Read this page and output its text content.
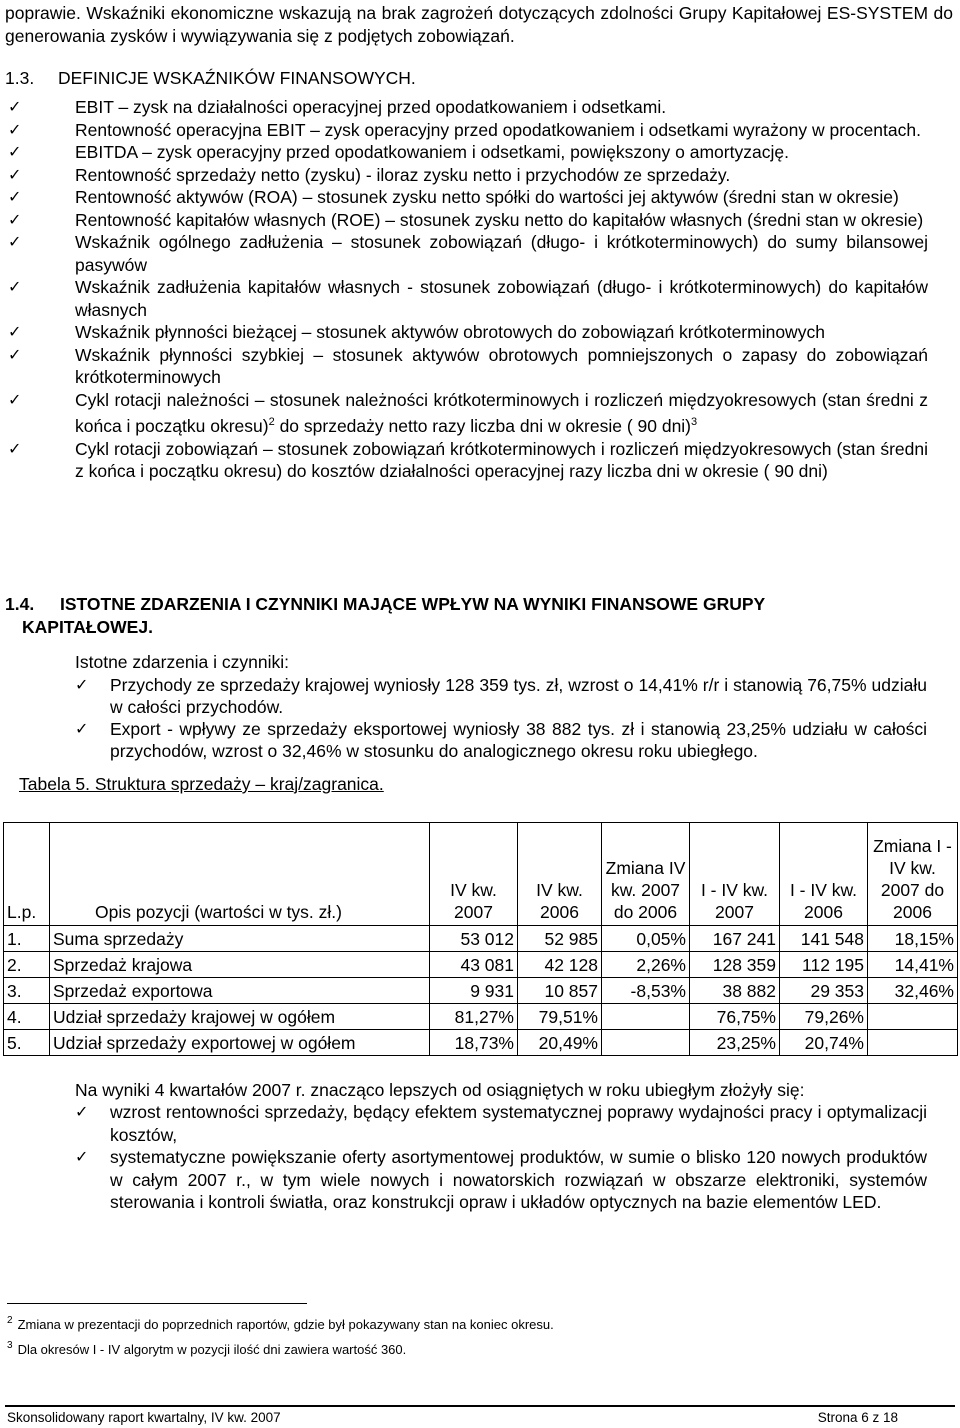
poprawie. Wskaźniki ekonomiczne wskazują na brak zagrożeń dotyczących zdolności Grupy Kapitałowej ES-SYSTEM do generowania zysków i wywiązywania się z podjętych zobowiązań.
1.3. DEFINICJE WSKAŹNIKÓW FINANSOWYCH.
✓	EBIT – zysk na działalności operacyjnej przed opodatkowaniem i odsetkami.
✓	Rentowność operacyjna EBIT – zysk operacyjny przed opodatkowaniem i odsetkami wyrażony w procentach.
✓	EBITDA – zysk operacyjny przed opodatkowaniem i odsetkami, powiększony o amortyzację.
✓	Rentowność sprzedaży netto (zysku) - iloraz zysku netto i przychodów ze sprzedaży.
✓	Rentowność aktywów (ROA) – stosunek zysku netto spółki do wartości jej aktywów (średni stan w okresie)
✓	Rentowność kapitałów własnych (ROE) – stosunek zysku netto do kapitałów własnych (średni stan w okresie)
✓	Wskaźnik ogólnego zadłużenia – stosunek zobowiązań (długo- i krótkoterminowych) do sumy bilansowej pasywów
✓	Wskaźnik zadłużenia kapitałów własnych - stosunek zobowiązań (długo- i krótkoterminowych) do kapitałów własnych
✓	Wskaźnik płynności bieżącej – stosunek aktywów obrotowych do zobowiązań krótkoterminowych
✓	Wskaźnik płynności szybkiej – stosunek aktywów obrotowych pomniejszonych o zapasy do zobowiązań krótkoterminowych
✓	Cykl rotacji należności – stosunek należności krótkoterminowych i rozliczeń międzyokresowych (stan średni z końca i początku okresu)$^2$ do sprzedaży netto razy liczba dni w okresie ( 90 dni)$^3$
✓	Cykl rotacji zobowiązań – stosunek zobowiązań krótkoterminowych i rozliczeń międzyokresowych (stan średni z końca i początku okresu) do kosztów działalności operacyjnej razy liczba dni w okresie ( 90 dni)
1.4. ISTOTNE ZDARZENIA I CZYNNIKI MAJĄCE WPŁYW NA WYNIKI FINANSOWE GRUPY
KAPITAŁOWEJ.
Istotne zdarzenia i czynniki:
✓ Przychody ze sprzedaży krajowej wyniosły 128 359 tys. zł, wzrost o 14,41% r/r i stanowią 76,75% udziału w całości przychodów.
✓ Export - wpływy ze sprzedaży eksportowej wyniosły 38 882 tys. zł i stanowią 23,25% udziału w całości przychodów, wzrost o 32,46% w stosunku do analogicznego okresu roku ubiegłego.
Tabela 5. Struktura sprzedaży – kraj/zagranica.
L.p.	Opis pozycji (wartości w tys. zł.)	IV kw. 2007	IV kw. 2006	Zmiana IV kw. 2007 do 2006	I - IV kw. 2007	I - IV kw. 2006	Zmiana I - IV kw. 2007 do 2006
1.	Suma sprzedaży	53 012	52 985	0,05%	167 241	141 548	18,15%
2.	Sprzedaż krajowa	43 081	42 128	2,26%	128 359	112 195	14,41%
3.	Sprzedaż exportowa	9 931	10 857	-8,53%	38 882	29 353	32,46%
4.	Udział sprzedaży krajowej w ogółem	81,27%	79,51%		76,75%	79,26%	
5.	Udział sprzedaży exportowej w ogółem	18,73%	20,49%		23,25%	20,74%	
Na wyniki 4 kwartałów 2007 r. znacząco lepszych od osiągniętych w roku ubiegłym złożyły się:
✓ wzrost rentowności sprzedaży, będący efektem systematycznej poprawy wydajności pracy i optymalizacji kosztów,
✓ systematyczne powiększanie oferty asortymentowej produktów, w sumie o blisko 120 nowych produktów w całym 2007 r., w tym wiele nowych i nowatorskich rozwiązań w obszarze elektroniki, systemów sterowania i kontroli światła, oraz konstrukcji opraw i układów optycznych na bazie elementów LED.
$^2$ Zmiana w prezentacji do poprzednich raportów, gdzie był pokazywany stan na koniec okresu.
$^3$ Dla okresów I - IV algorytm w pozycji ilość dni zawiera wartość 360.
Skonsolidowany raport kwartalny, IV kw. 2007	Strona 6 z 18
